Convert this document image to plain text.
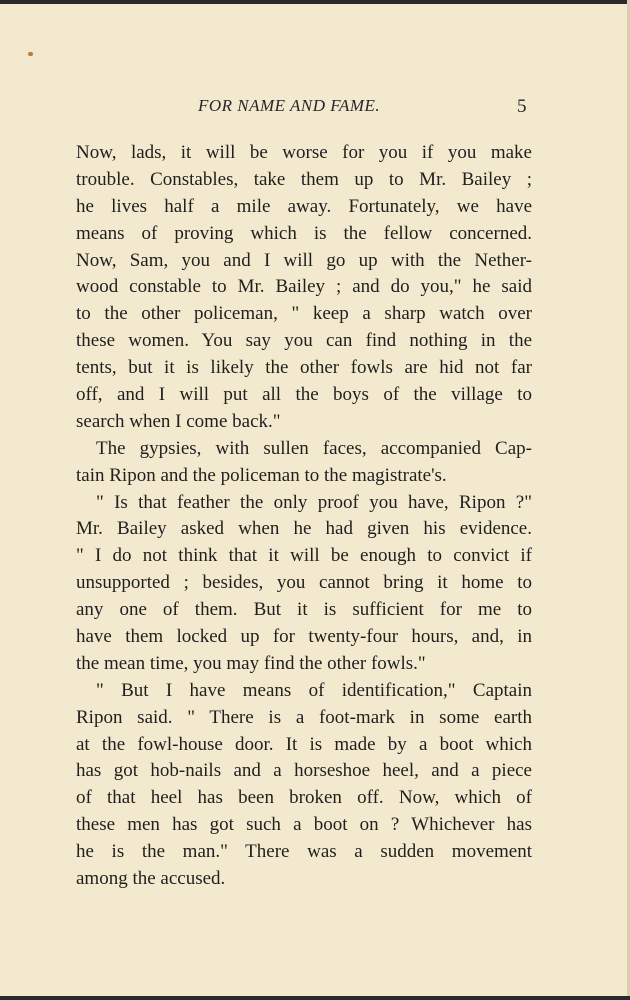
FOR NAME AND FAME.	5
Now, lads, it will be worse for you if you make
trouble. Constables, take them up to Mr. Bailey ;
he lives half a mile away. Fortunately, we have
means of proving which is the fellow concerned.
Now, Sam, you and I will go up with the Nether-
wood constable to Mr. Bailey ; and do you," he said
to the other policeman, " keep a sharp watch over
these women. You say you can find nothing in the
tents, but it is likely the other fowls are hid not far
off, and I will put all the boys of the village to
search when I come back."
The gypsies, with sullen faces, accompanied Cap-
tain Ripon and the policeman to the magistrate's.
" Is that feather the only proof you have, Ripon ?"
Mr. Bailey asked when he had given his evidence.
" I do not think that it will be enough to convict if
unsupported ; besides, you cannot bring it home to
any one of them. But it is sufficient for me to
have them locked up for twenty-four hours, and, in
the mean time, you may find the other fowls."
" But I have means of identification," Captain
Ripon said. " There is a foot-mark in some earth
at the fowl-house door. It is made by a boot which
has got hob-nails and a horseshoe heel, and a piece
of that heel has been broken off. Now, which of
these men has got such a boot on ? Whichever has
he is the man." There was a sudden movement
among the accused.
